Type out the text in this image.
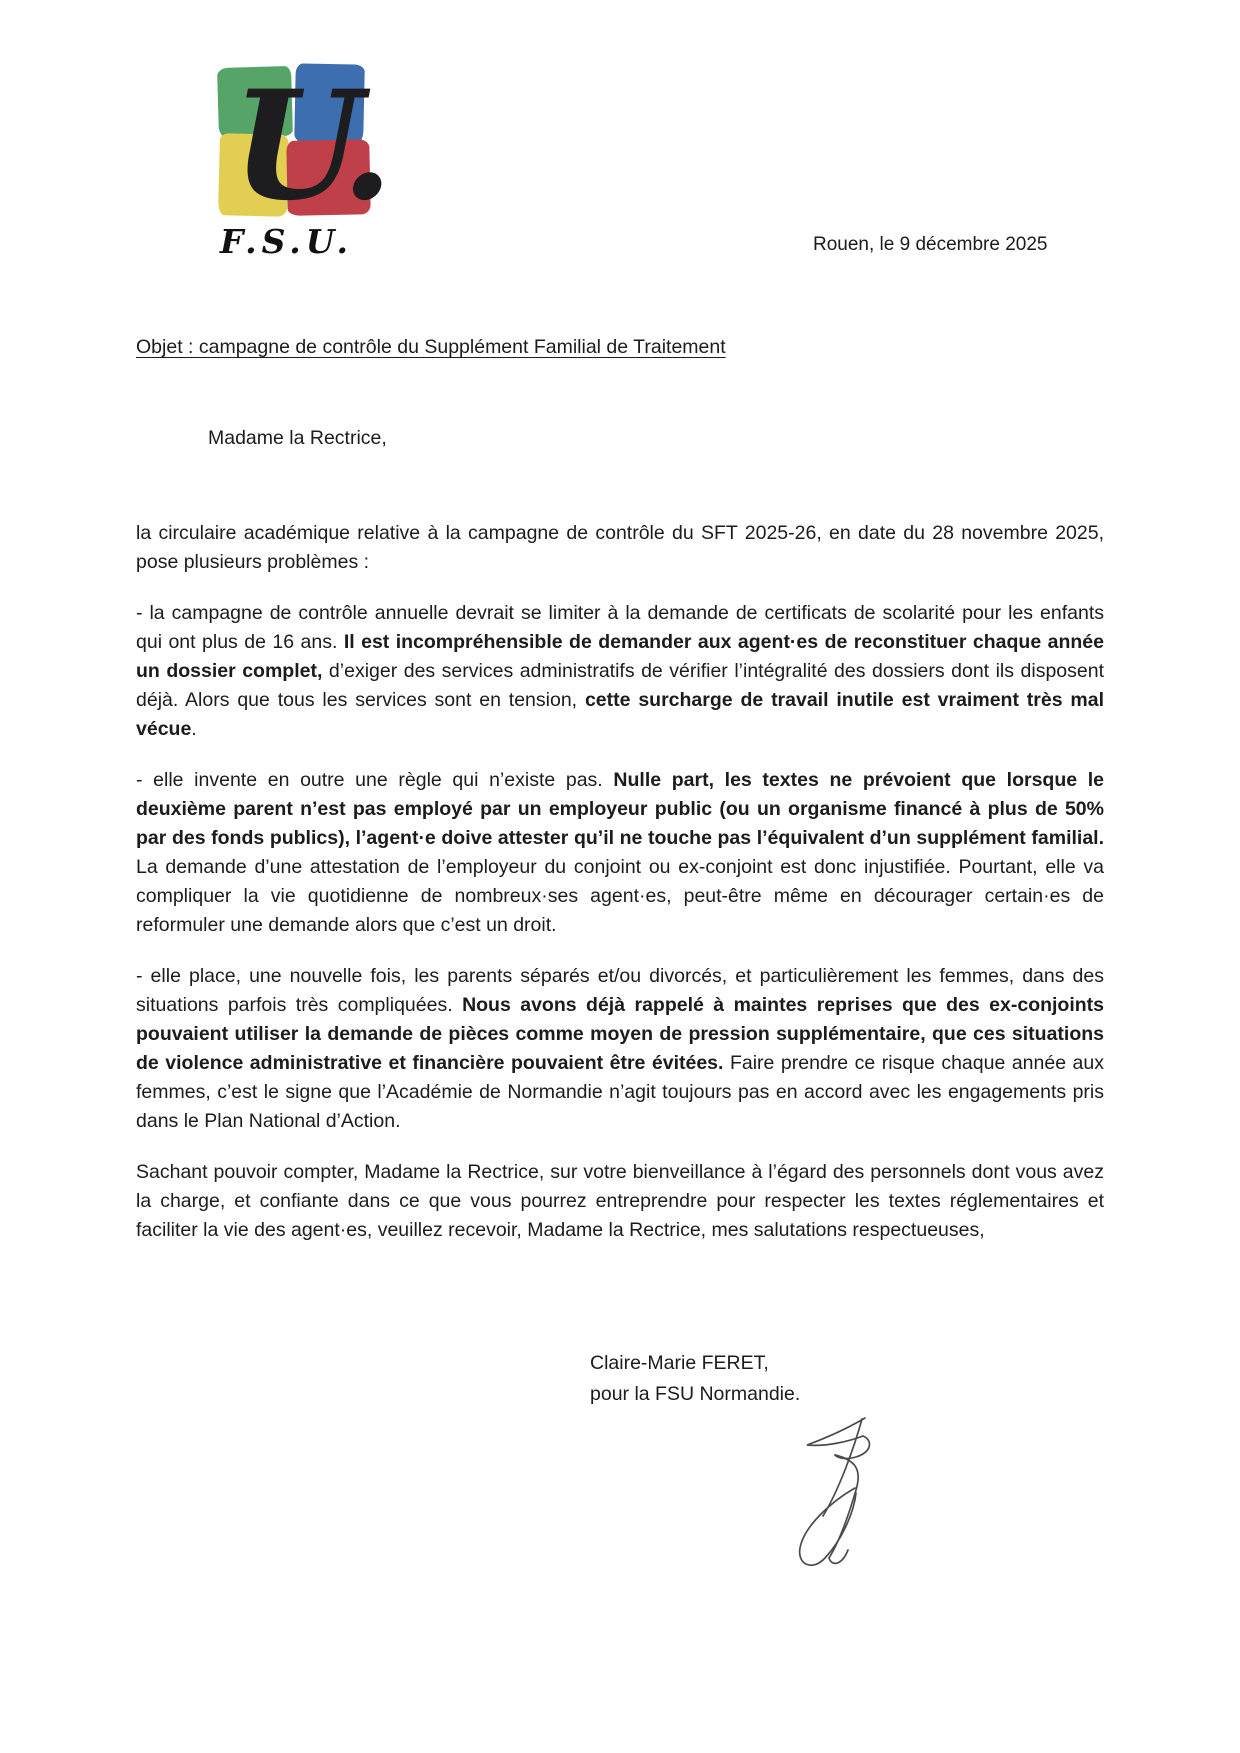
U.
F.S.U.	Rouen, le 9 décembre 2025
Objet : campagne de contrôle du Supplément Familial de Traitement
Madame la Rectrice,

la circulaire académique relative à la campagne de contrôle du SFT 2025-26, en date du 28 novembre 2025, pose plusieurs problèmes :

- la campagne de contrôle annuelle devrait se limiter à la demande de certificats de scolarité pour les enfants qui ont plus de 16 ans. Il est incompréhensible de demander aux agent·es de reconstituer chaque année un dossier complet, d’exiger des services administratifs de vérifier l’intégralité des dossiers dont ils disposent déjà. Alors que tous les services sont en tension, cette surcharge de travail inutile est vraiment très mal vécue.

- elle invente en outre une règle qui n’existe pas. Nulle part, les textes ne prévoient que lorsque le deuxième parent n’est pas employé par un employeur public (ou un organisme financé à plus de 50% par des fonds publics), l’agent·e doive attester qu’il ne touche pas l’équivalent d’un supplément familial. La demande d’une attestation de l’employeur du conjoint ou ex-conjoint est donc injustifiée. Pourtant, elle va compliquer la vie quotidienne de nombreux·ses agent·es, peut-être même en décourager certain·es de reformuler une demande alors que c’est un droit.

- elle place, une nouvelle fois, les parents séparés et/ou divorcés, et particulièrement les femmes, dans des situations parfois très compliquées. Nous avons déjà rappelé à maintes reprises que des ex-conjoints pouvaient utiliser la demande de pièces comme moyen de pression supplémentaire, que ces situations de violence administrative et financière pouvaient être évitées. Faire prendre ce risque chaque année aux femmes, c’est le signe que l’Académie de Normandie n’agit toujours pas en accord avec les engagements pris dans le Plan National d’Action.

Sachant pouvoir compter, Madame la Rectrice, sur votre bienveillance à l’égard des personnels dont vous avez la charge, et confiante dans ce que vous pourrez entreprendre pour respecter les textes réglementaires et faciliter la vie des agent·es, veuillez recevoir, Madame la Rectrice, mes salutations respectueuses,

Claire-Marie FERET,
pour la FSU Normandie.
